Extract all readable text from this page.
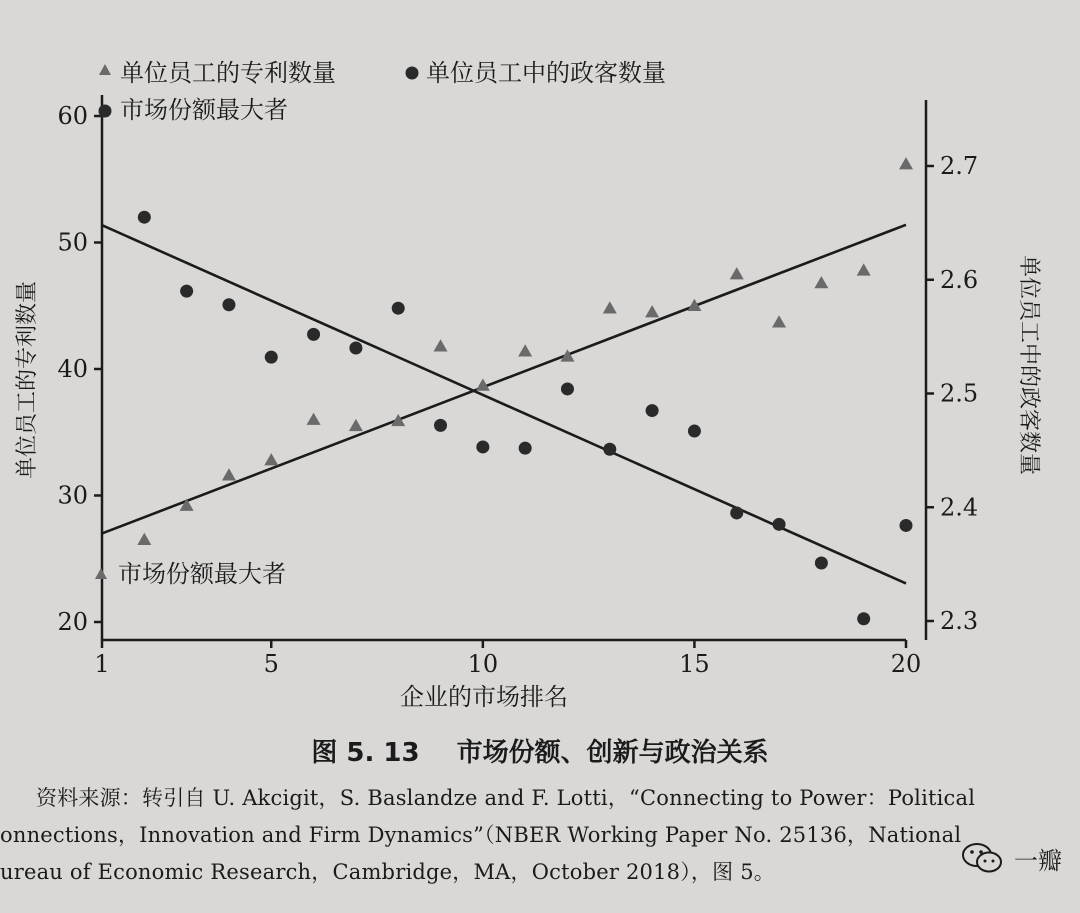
1	5	10	15	20
20
30
40
50
60
2.3
2.4
2.5
2.6
2.7
单位员工的专利数量	单位员工中的政客数量
市场份额最大者
市场份额最大者
单位员工的专利数量	单位员工中的政客数量
企业的市场排名
图 5. 13 市场份额、创新与政治关系
资料来源：转引自 U. Akcigit，S. Baslandze and F. Lotti，“Connecting to Power：Political
onnections，Innovation and Firm Dynamics”（NBER Working Paper No. 25136，National
ureau of Economic Research，Cambridge，MA，October 2018），图 5。	一瓣
